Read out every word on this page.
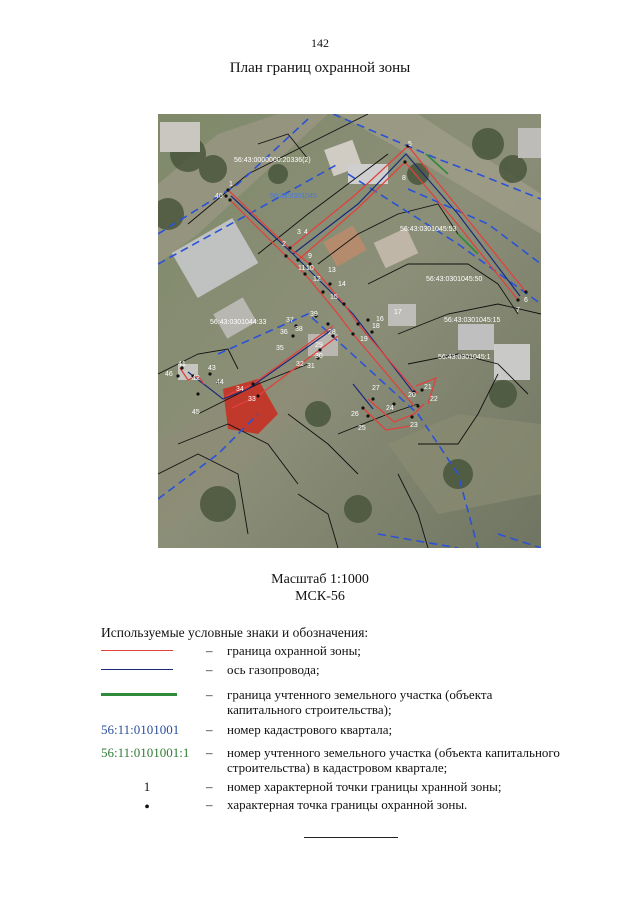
142
План границ охранной зоны
56:43:0000000:20336(2)
56:43:0301045
56:43:0301045:53
56:43:0301045:50
56:43:0301044:33	56:43:0301045:15
56:43:0301045:1
1
2
3 4
5
6
7
8
9
10
11
12
13
14
15
16
17
18
19
20
21
22
23
24
25
26
27
28
29
30
31
32
33
34
35
36
37
38
39
40
41
42
43
44
45
46
Масштаб 1:1000
МСК-56
Используемые условные знаки и обозначения:
– граница охранной зоны;
– ось газопровода;
– граница учтенного земельного участка (объекта капитального строительства);
56:11:0101001	– номер кадастрового квартала;
56:11:0101001:1	– номер учтенного земельного участка (объекта капитального строительства) в кадастровом квартале;
1	– номер характерной точки границы хранной зоны;
•	– характерная точка границы охранной зоны.
